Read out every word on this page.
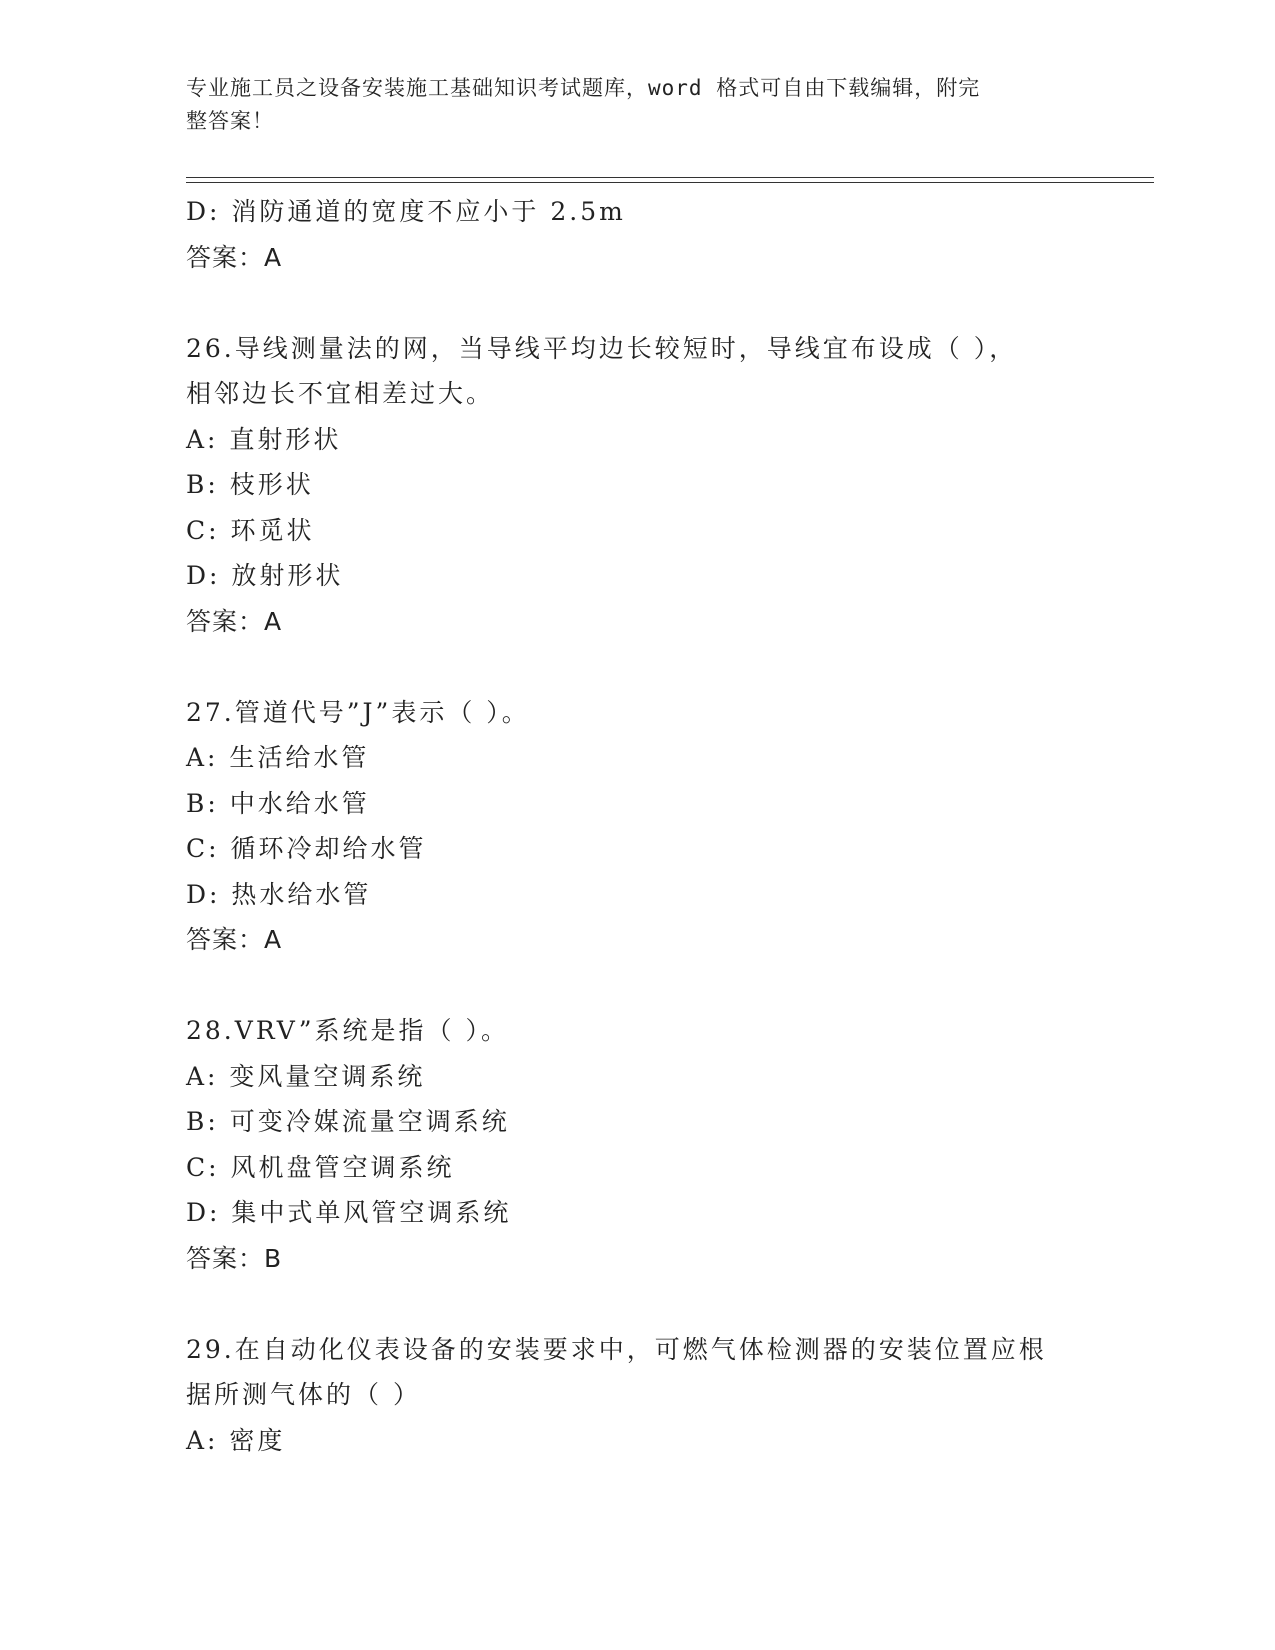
专业施工员之设备安装施工基础知识考试题库，word 格式可自由下载编辑，附完
整答案！
D: 消防通道的宽度不应小于 2.5m
答案：A
26.导线测量法的网，当导线平均边长较短时，导线宜布设成（ ），
相邻边长不宜相差过大。
A: 直射形状
B: 枝形状
C: 环觅状
D: 放射形状
答案：A
27.管道代号”J”表示（ ）。
A: 生活给水管
B: 中水给水管
C: 循环冷却给水管
D: 热水给水管
答案：A
28.VRV”系统是指（ ）。
A: 变风量空调系统
B: 可变冷媒流量空调系统
C: 风机盘管空调系统
D: 集中式单风管空调系统
答案：B
29.在自动化仪表设备的安装要求中，可燃气体检测器的安装位置应根
据所测气体的（ ）
A: 密度
